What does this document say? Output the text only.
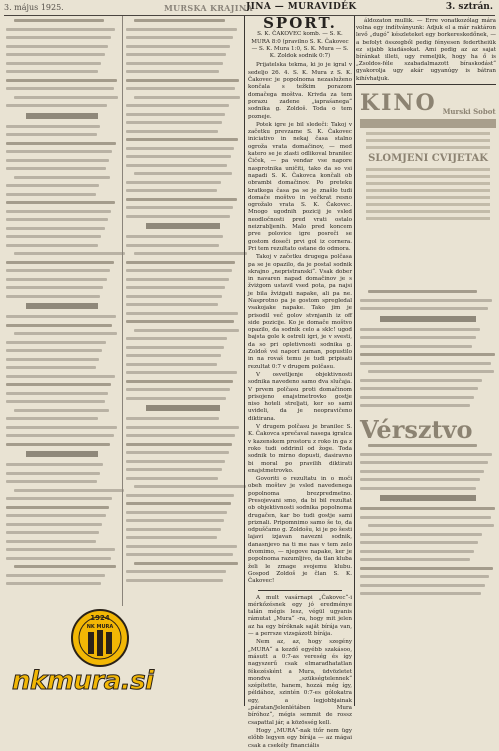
3. május 1925.	MURSKA KRAJINA
JINA — MURAVIDÉK	3. sztrán.
SPORT.
S. K. ČAKOVEC komb. — S. K. MURA 8:0 (pravilno S. K. Čakovec — S. K. Mura 1:0, S. K. Mura — S. K. Zoldok sodnik 0:7)
Prijatelska tekma, ki jo je igral v sedeljo 26. 4. S. K. Mura z S. K. Čakovec je popolnoma nezasluženo končala s težkim porazom domačega moštva. Krivda za tem porazu zadene „iapraśanega“ sodnika g. Zoldoš. Toda o tem pozneje.
Potek igre je bil sledeči: Takoj v začetku prevzame S. K. Čakovec iniciativo in nekaj časa stalno ogroža vrata domačinov, — med katero se je zlasti odlikoval branilec Čiček, — pa vendar vse napore nasprotnika uničiti, tako da so vsi napadi S. K. Čakovca končali ob obrambi domačinov. Po preteku kratkega časa pa se je znašlo tudi domače moštvo in večkrat resno ogrožalo vrata S. K. Čakovec. Mnogo ugodnih pozicij je vsled neodločnosti pred vrati ostalo neizrabljenih. Malo pred koncem prve polovice igre posreči se gostom doseči prvi gol iz cornera. Pri tem rezultato ostane do odmora.
Takoj v začetku drugega polčasa pa se je opazilo, da je postal sodnik skrajno „nepristranski“. Vsak dober in navaren napad domačinov je s žviżgom ustavil vsed pota, pa najsi je bila žviżgati napake, ali pa ne. Nasprotno pa je gostom spregledal vsakojake napake. Tako jim je prisodil več golov stvnjanih iz off side pozicije. Ko je domače moštvo opazilo, da sodnik celo a sklc! ugod bajsta gole k ostreli igri, je v svesti, da so pri opletivnosti sodnika g. Zoldoš vsi napori zaman, popustilo in na rovaš temu je tudi pripisati rezultat 0:7 v drugem polčasu.
V osvetljenje objektivnosti sodnika navedeno samo dva slučaja. V prvem polčasu proti domačinom prisojeno enajstmetrovko gostje niso hoteli streljati, ker so sami uvideli, da je neopravičeno diktirana.
V drugem polčasu je branilec S. K. Čakovca sprečaval nasega igralca v kazenskem prostoru z roko in ga z roko tudi oddrinil od žoge. Toda sodnik to mirno dopusti, dasiravno bi moral po pravilih diktirati enajstmetrovko.
Govoriti o rezultatu in o moči obeh moštev je vsled navedenega popolnoma brezpredmetno. Presojevani smo, da bi bil rezultat ob objektivnosti sodnika popolnoma drugačen, kar bo tudi gostje sami priznali. Pripomnimo samo še to, da odpuščamo g. Zoldošu, ki je po šesti lajavi izjavan navezni sodnik, danasnjevo na ti me nas v tem zelo dvomimo, — njegove napake, ker je popolnoma razumljivo, da tlan kluba želi le zmage svojemu klubu. Gospod Zoldoš je član S. K. Čakovec!
A mult vasárnapi „Čakovec“-i mérkőzésnek egy jó eredménye talán mégis lesz, végül ugyanis rámutat „Mura“ -ra, hogy mit jelen az ha egy bíróknak saját bírája van, — a perrsze vizsgázott bírája.
Nem az, az, hogy szegény „MURA“ a kezdő egyébb szakásoo, másutt a 0:7-as vereség és így nagyszerű csak elmaradhatatlan fékezésként a Mura, üdvözletet mondva „szükségtelennek“ szépítette, hanem, hozzá még így, példához, szintén 0:7-es gólokatra egy, a legjobbjainak „páratan/Jelenlétáben Mura bíróhoz“, mégis semmit de rossz csapattal jár, a közösség kell.
Hogy „MURA“-nak ttőr nem ügy előbb legyen egy bírája — az mágai csak a csekély financiális
áldozaton mullik. — Erre vonatkozólag mára volna egy indítványunk: Adjuk el a már raktáron levő „dugó“ készleteket egy borkereskedőnek, — a befolyt összegből pedig fényesen federtheiük ez sijabb kiadásokat. Ami pedig az az sajat bíránkat illeti, ugy remeljük, hogy ha ő is „Zsoldos-féle szabadalmazott bíraskodást“ gyakorolja ugy akár ugyanúgy is bátran kihívhatjuk.
KINO Murski Sobot
SLOMJENI CVIJETAK
Vérsztvo
1924
NK MURA
nkmura.si
